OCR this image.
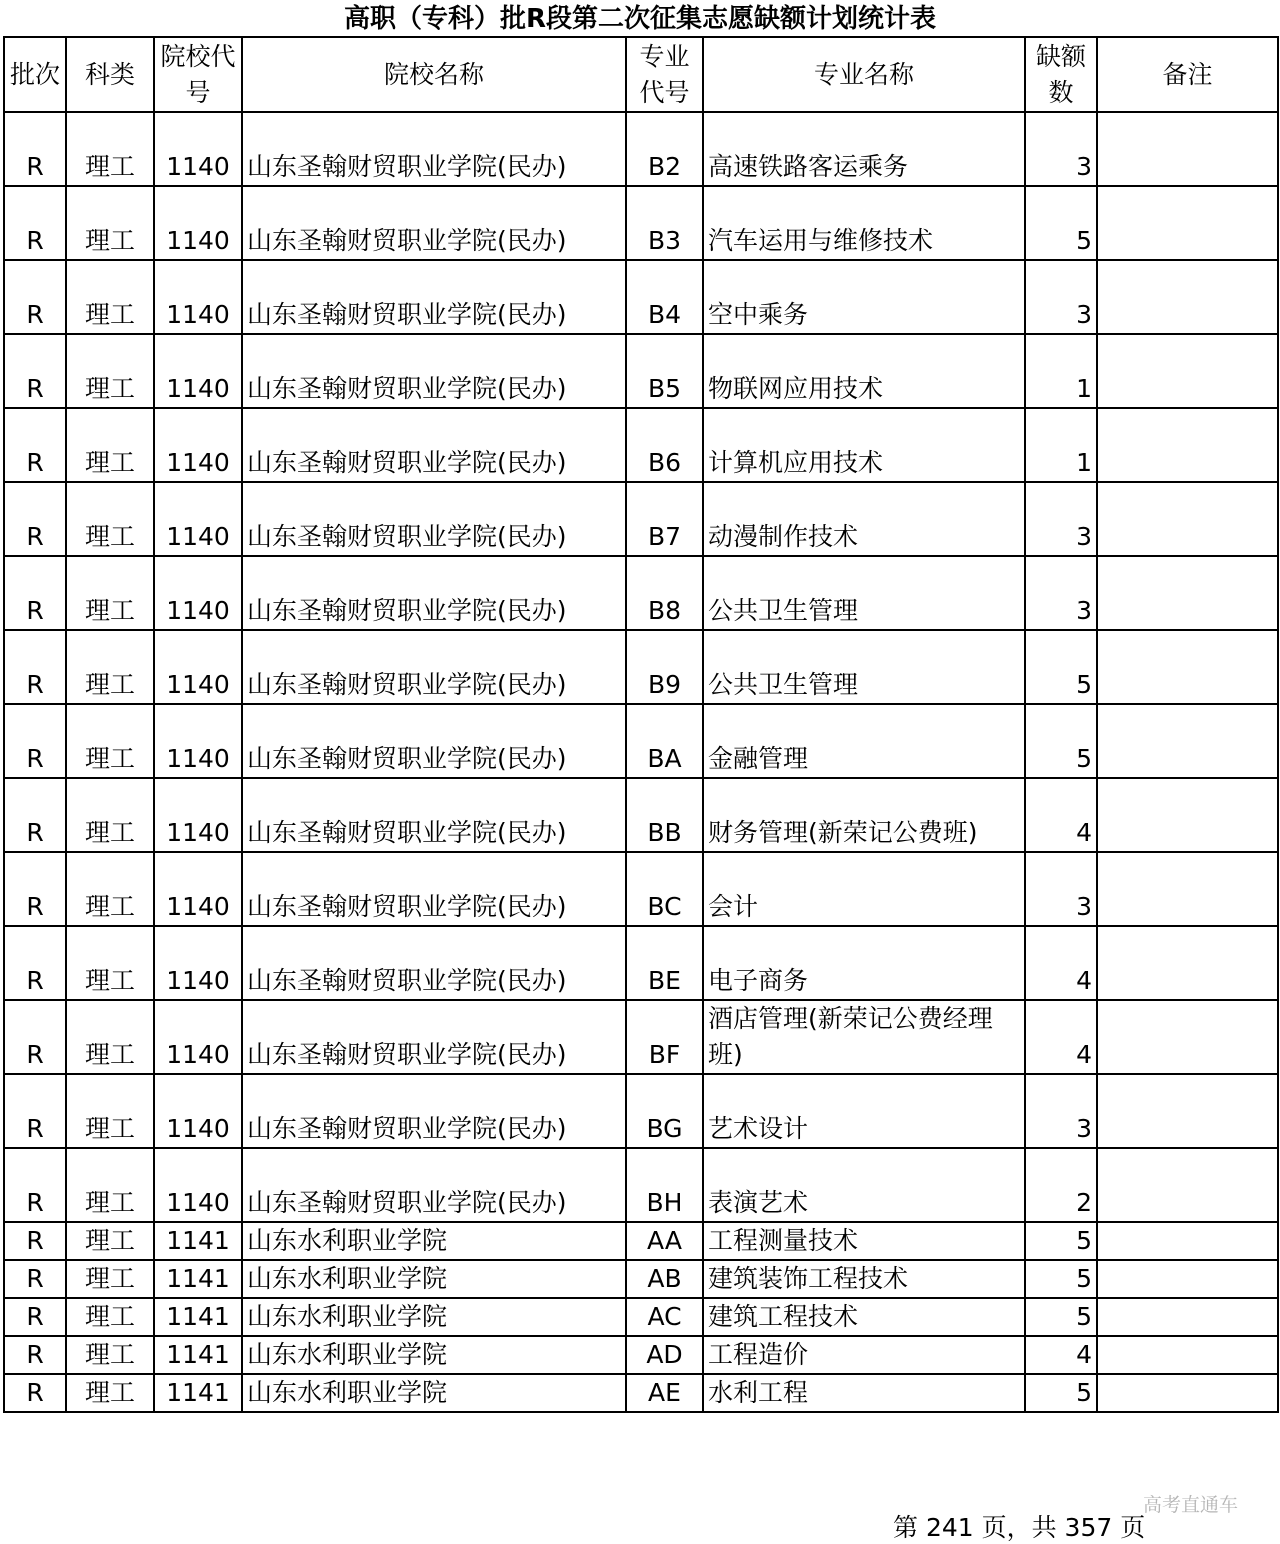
高职（专科）批R段第二次征集志愿缺额计划统计表
批次	科类	院校代号	院校名称	专业代号	专业名称	缺额数	备注
R	理工	1140	山东圣翰财贸职业学院(民办)	B2	高速铁路客运乘务	3	
R	理工	1140	山东圣翰财贸职业学院(民办)	B3	汽车运用与维修技术	5	
R	理工	1140	山东圣翰财贸职业学院(民办)	B4	空中乘务	3	
R	理工	1140	山东圣翰财贸职业学院(民办)	B5	物联网应用技术	1	
R	理工	1140	山东圣翰财贸职业学院(民办)	B6	计算机应用技术	1	
R	理工	1140	山东圣翰财贸职业学院(民办)	B7	动漫制作技术	3	
R	理工	1140	山东圣翰财贸职业学院(民办)	B8	公共卫生管理	3	
R	理工	1140	山东圣翰财贸职业学院(民办)	B9	公共卫生管理	5	
R	理工	1140	山东圣翰财贸职业学院(民办)	BA	金融管理	5	
R	理工	1140	山东圣翰财贸职业学院(民办)	BB	财务管理(新荣记公费班)	4	
R	理工	1140	山东圣翰财贸职业学院(民办)	BC	会计	3	
R	理工	1140	山东圣翰财贸职业学院(民办)	BE	电子商务	4	
R	理工	1140	山东圣翰财贸职业学院(民办)	BF	酒店管理(新荣记公费经理班)	4	
R	理工	1140	山东圣翰财贸职业学院(民办)	BG	艺术设计	3	
R	理工	1140	山东圣翰财贸职业学院(民办)	BH	表演艺术	2	
R	理工	1141	山东水利职业学院	AA	工程测量技术	5	
R	理工	1141	山东水利职业学院	AB	建筑装饰工程技术	5	
R	理工	1141	山东水利职业学院	AC	建筑工程技术	5	
R	理工	1141	山东水利职业学院	AD	工程造价	4	
R	理工	1141	山东水利职业学院	AE	水利工程	5	
第 241 页，共 357 页
高考直通车
